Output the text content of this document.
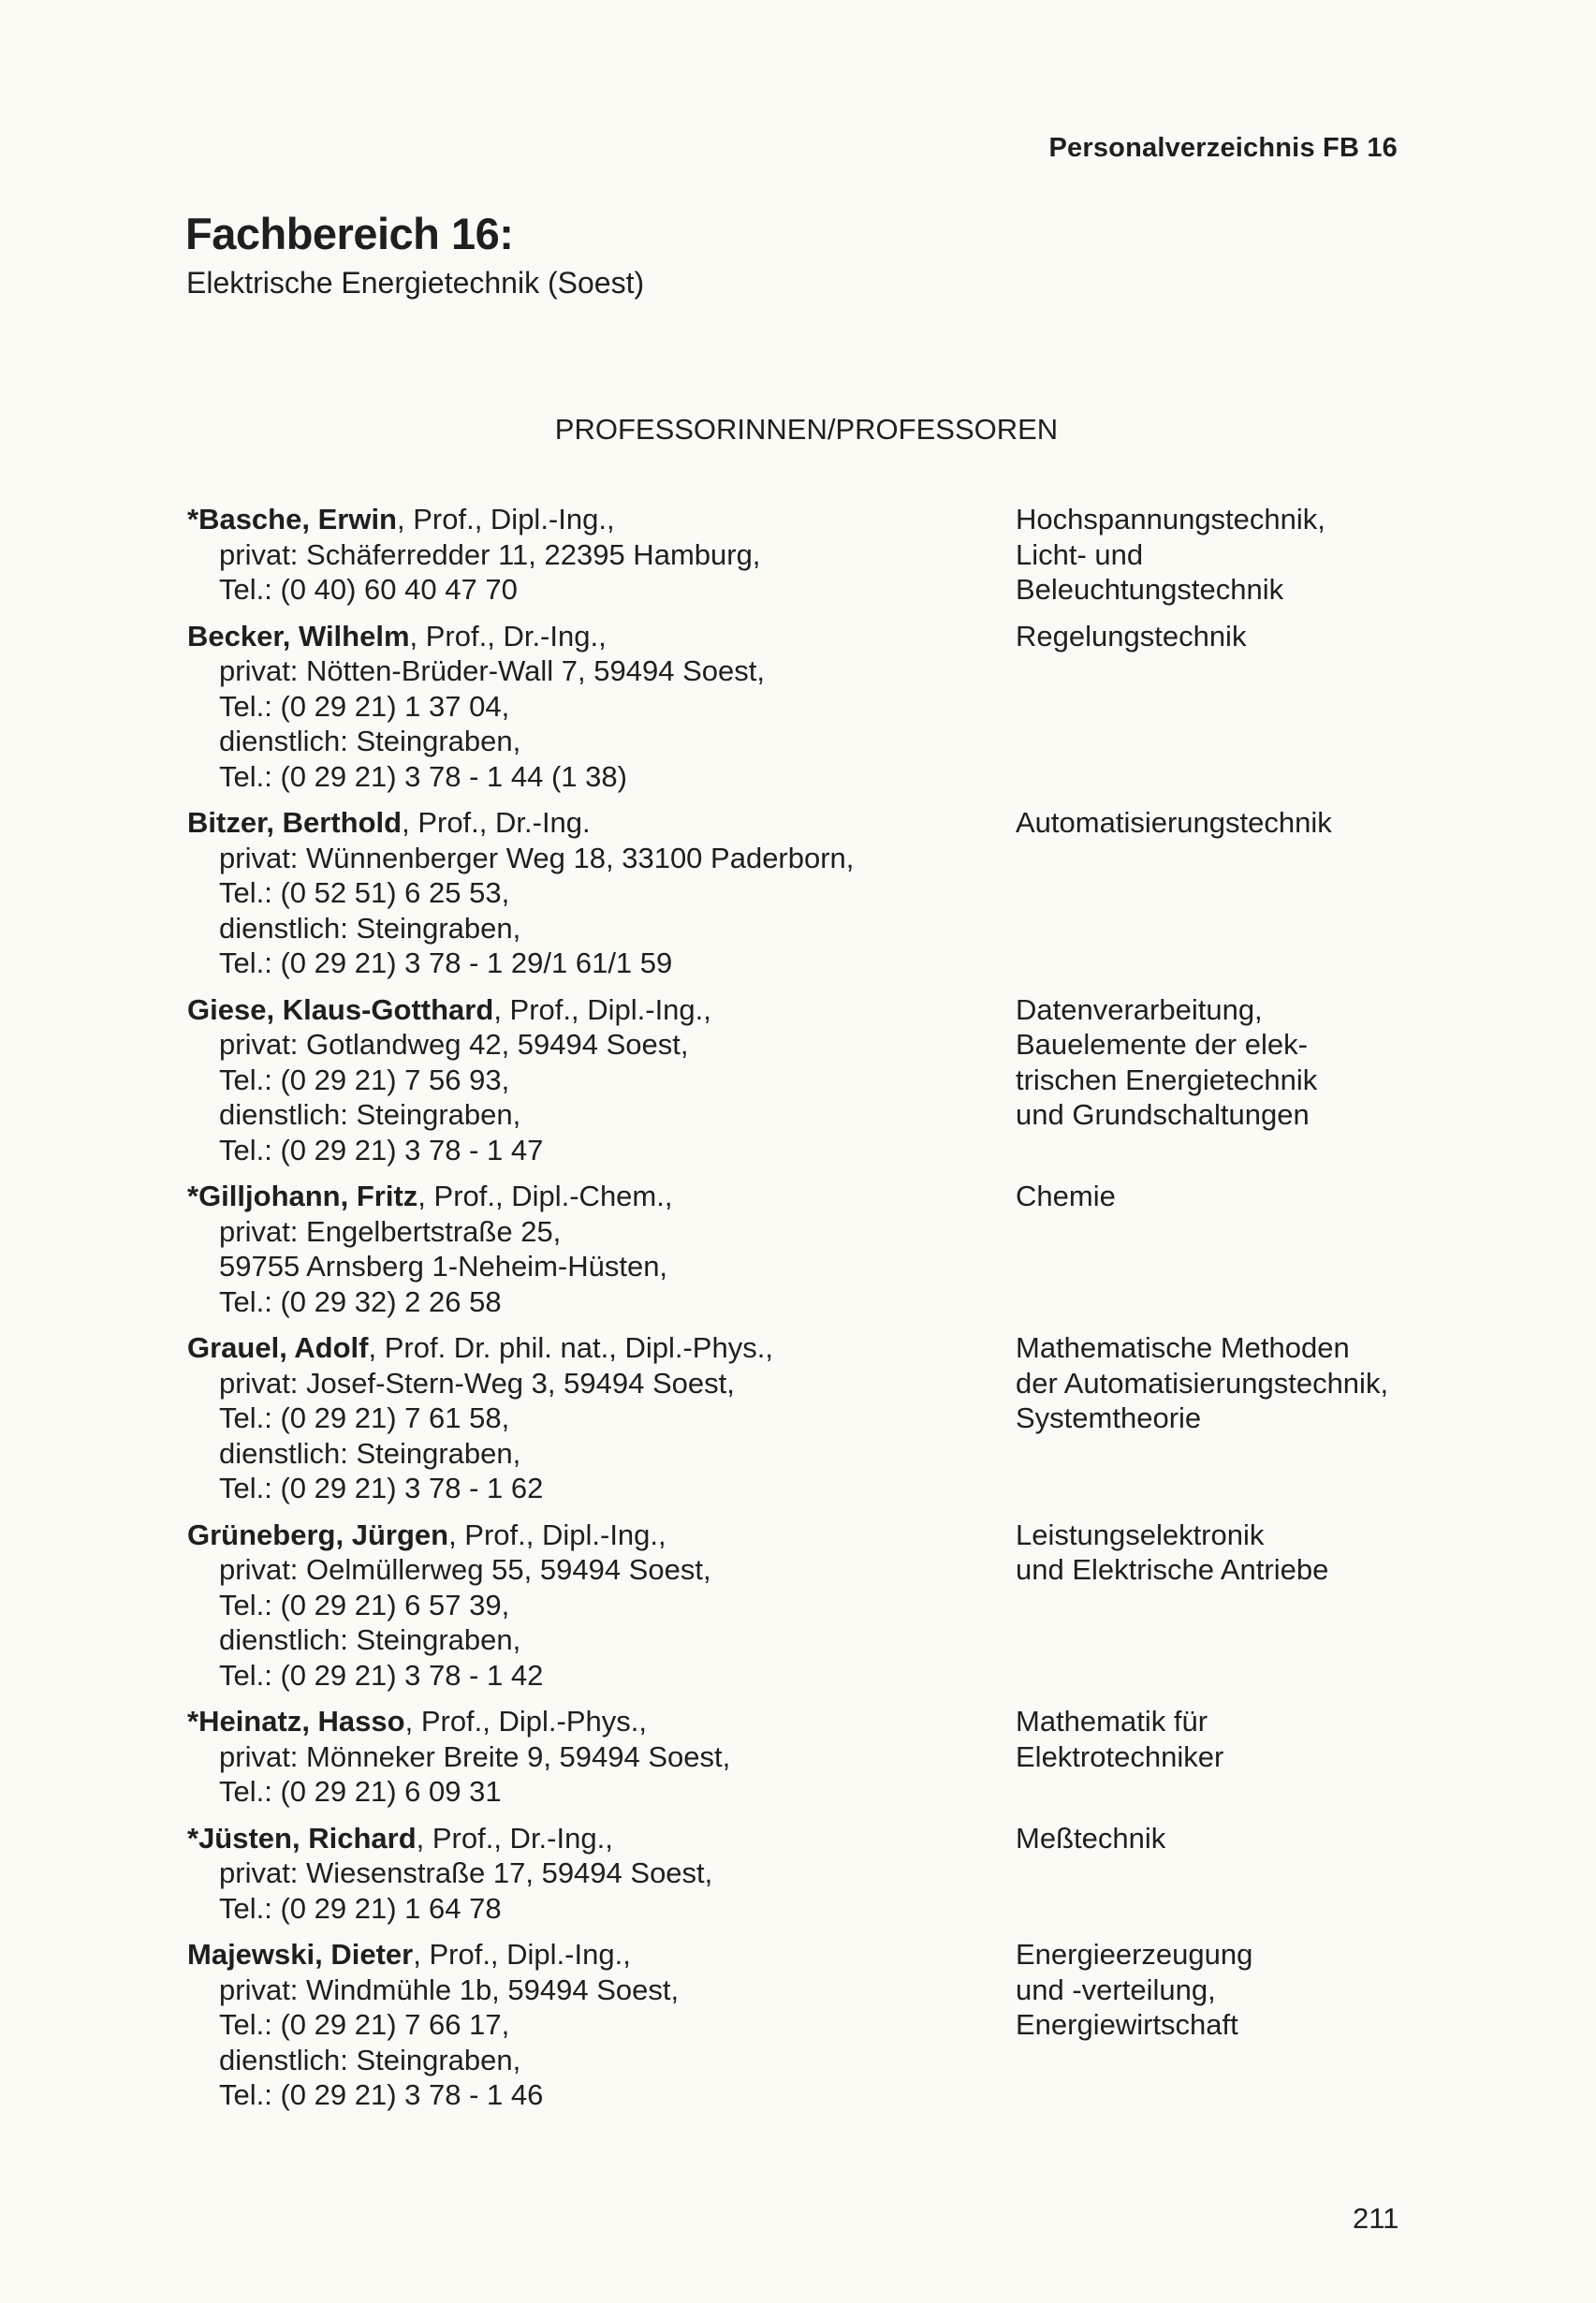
Personalverzeichnis FB 16
Fachbereich 16:
Elektrische Energietechnik (Soest)
PROFESSORINNEN/PROFESSOREN
*Basche, Erwin, Prof., Dipl.-Ing.,
privat: Schäferredder 11, 22395 Hamburg,
Tel.: (0 40) 60 40 47 70
Hochspannungstechnik,
Licht- und
Beleuchtungstechnik
Becker, Wilhelm, Prof., Dr.-Ing.,
privat: Nötten-Brüder-Wall 7, 59494 Soest,
Tel.: (0 29 21) 1 37 04,
dienstlich: Steingraben,
Tel.: (0 29 21) 3 78 - 1 44 (1 38)
Regelungstechnik
Bitzer, Berthold, Prof., Dr.-Ing.
privat: Wünnenberger Weg 18, 33100 Paderborn,
Tel.: (0 52 51) 6 25 53,
dienstlich: Steingraben,
Tel.: (0 29 21) 3 78 - 1 29/1 61/1 59
Automatisierungstechnik
Giese, Klaus-Gotthard, Prof., Dipl.-Ing.,
privat: Gotlandweg 42, 59494 Soest,
Tel.: (0 29 21) 7 56 93,
dienstlich: Steingraben,
Tel.: (0 29 21) 3 78 - 1 47
Datenverarbeitung,
Bauelemente der elek-
trischen Energietechnik
und Grundschaltungen
*Gilljohann, Fritz, Prof., Dipl.-Chem.,
privat: Engelbertstraße 25,
59755 Arnsberg 1-Neheim-Hüsten,
Tel.: (0 29 32) 2 26 58
Chemie
Grauel, Adolf, Prof. Dr. phil. nat., Dipl.-Phys.,
privat: Josef-Stern-Weg 3, 59494 Soest,
Tel.: (0 29 21) 7 61 58,
dienstlich: Steingraben,
Tel.: (0 29 21) 3 78 - 1 62
Mathematische Methoden
der Automatisierungstechnik,
Systemtheorie
Grüneberg, Jürgen, Prof., Dipl.-Ing.,
privat: Oelmüllerweg 55, 59494 Soest,
Tel.: (0 29 21) 6 57 39,
dienstlich: Steingraben,
Tel.: (0 29 21) 3 78 - 1 42
Leistungselektronik
und Elektrische Antriebe
*Heinatz, Hasso, Prof., Dipl.-Phys.,
privat: Mönneker Breite 9, 59494 Soest,
Tel.: (0 29 21) 6 09 31
Mathematik für
Elektrotechniker
*Jüsten, Richard, Prof., Dr.-Ing.,
privat: Wiesenstraße 17, 59494 Soest,
Tel.: (0 29 21) 1 64 78
Meßtechnik
Majewski, Dieter, Prof., Dipl.-Ing.,
privat: Windmühle 1b, 59494 Soest,
Tel.: (0 29 21) 7 66 17,
dienstlich: Steingraben,
Tel.: (0 29 21) 3 78 - 1 46
Energieerzeugung
und -verteilung,
Energiewirtschaft
211
